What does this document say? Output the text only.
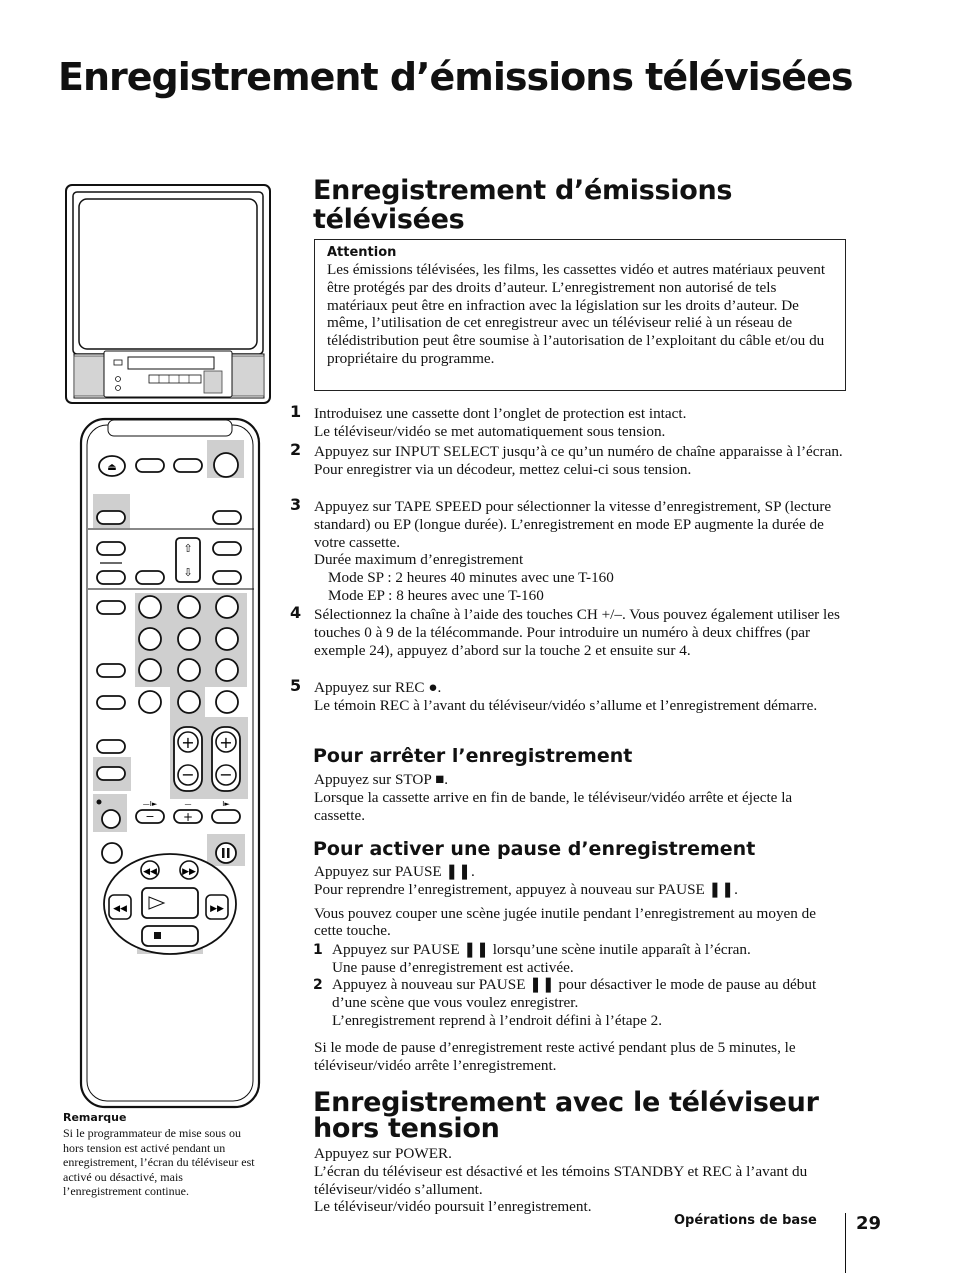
Enregistrement d’émissions télévisées
⏏
⇧
⇩
+
−
+
−
− +
—I►	—	I►
◀◀	▶▶
◀◀	▶▶
Remarque
Si le programmateur de mise sous ou hors tension est activé pendant un enregistrement, l’écran du téléviseur est activé ou désactivé, mais l’enregistrement continue.
Enregistrement d’émissions télévisées
Attention
Les émissions télévisées, les films, les cassettes vidéo et autres matériaux peuvent être protégés par des droits d’auteur. L’enregistrement non autorisé de tels matériaux peut être en infraction avec la législation sur les droits d’auteur. De même, l’utilisation de cet enregistreur avec un téléviseur relié à un réseau de télédistribution peut être soumise à l’autorisation de l’exploitant du câble et/ou du propriétaire du programme.
1 Introduisez une cassette dont l’onglet de protection est intact.
Le téléviseur/vidéo se met automatiquement sous tension.
2 Appuyez sur INPUT SELECT jusqu’à ce qu’un numéro de chaîne apparaisse à l’écran.
Pour enregistrer via un décodeur, mettez celui-ci sous tension.
3 Appuyez sur TAPE SPEED pour sélectionner la vitesse d’enregistrement, SP (lecture standard) ou EP (longue durée). L’enregistrement en mode EP augmente la durée de votre cassette.
Durée maximum d’enregistrement
Mode SP : 2 heures 40 minutes avec une T-160
Mode EP : 8 heures avec une T-160
4 Sélectionnez la chaîne à l’aide des touches CH +/–. Vous pouvez également utiliser les touches 0 à 9 de la télécommande. Pour introduire un numéro à deux chiffres (par exemple 24), appuyez d’abord sur la touche 2 et ensuite sur 4.
5 Appuyez sur REC ●.
Le témoin REC à l’avant du téléviseur/vidéo s’allume et l’enregistrement démarre.
Pour arrêter l’enregistrement
Appuyez sur STOP ■.
Lorsque la cassette arrive en fin de bande, le téléviseur/vidéo arrête et éjecte la cassette.
Pour activer une pause d’enregistrement
Appuyez sur PAUSE ❚❚.
Pour reprendre l’enregistrement, appuyez à nouveau sur PAUSE ❚❚.
Vous pouvez couper une scène jugée inutile pendant l’enregistrement au moyen de cette touche.
1 Appuyez sur PAUSE ❚❚ lorsqu’une scène inutile apparaît à l’écran.
Une pause d’enregistrement est activée.
2 Appuyez à nouveau sur PAUSE ❚❚ pour désactiver le mode de pause au début d’une scène que vous voulez enregistrer.
L’enregistrement reprend à l’endroit défini à l’étape 2.
Si le mode de pause d’enregistrement reste activé pendant plus de 5 minutes, le téléviseur/vidéo arrête l’enregistrement.
Enregistrement avec le téléviseur hors tension
Appuyez sur POWER.
L’écran du téléviseur est désactivé et les témoins STANDBY et REC à l’avant du téléviseur/vidéo s’allument.
Le téléviseur/vidéo poursuit l’enregistrement.
Opérations de base 29
